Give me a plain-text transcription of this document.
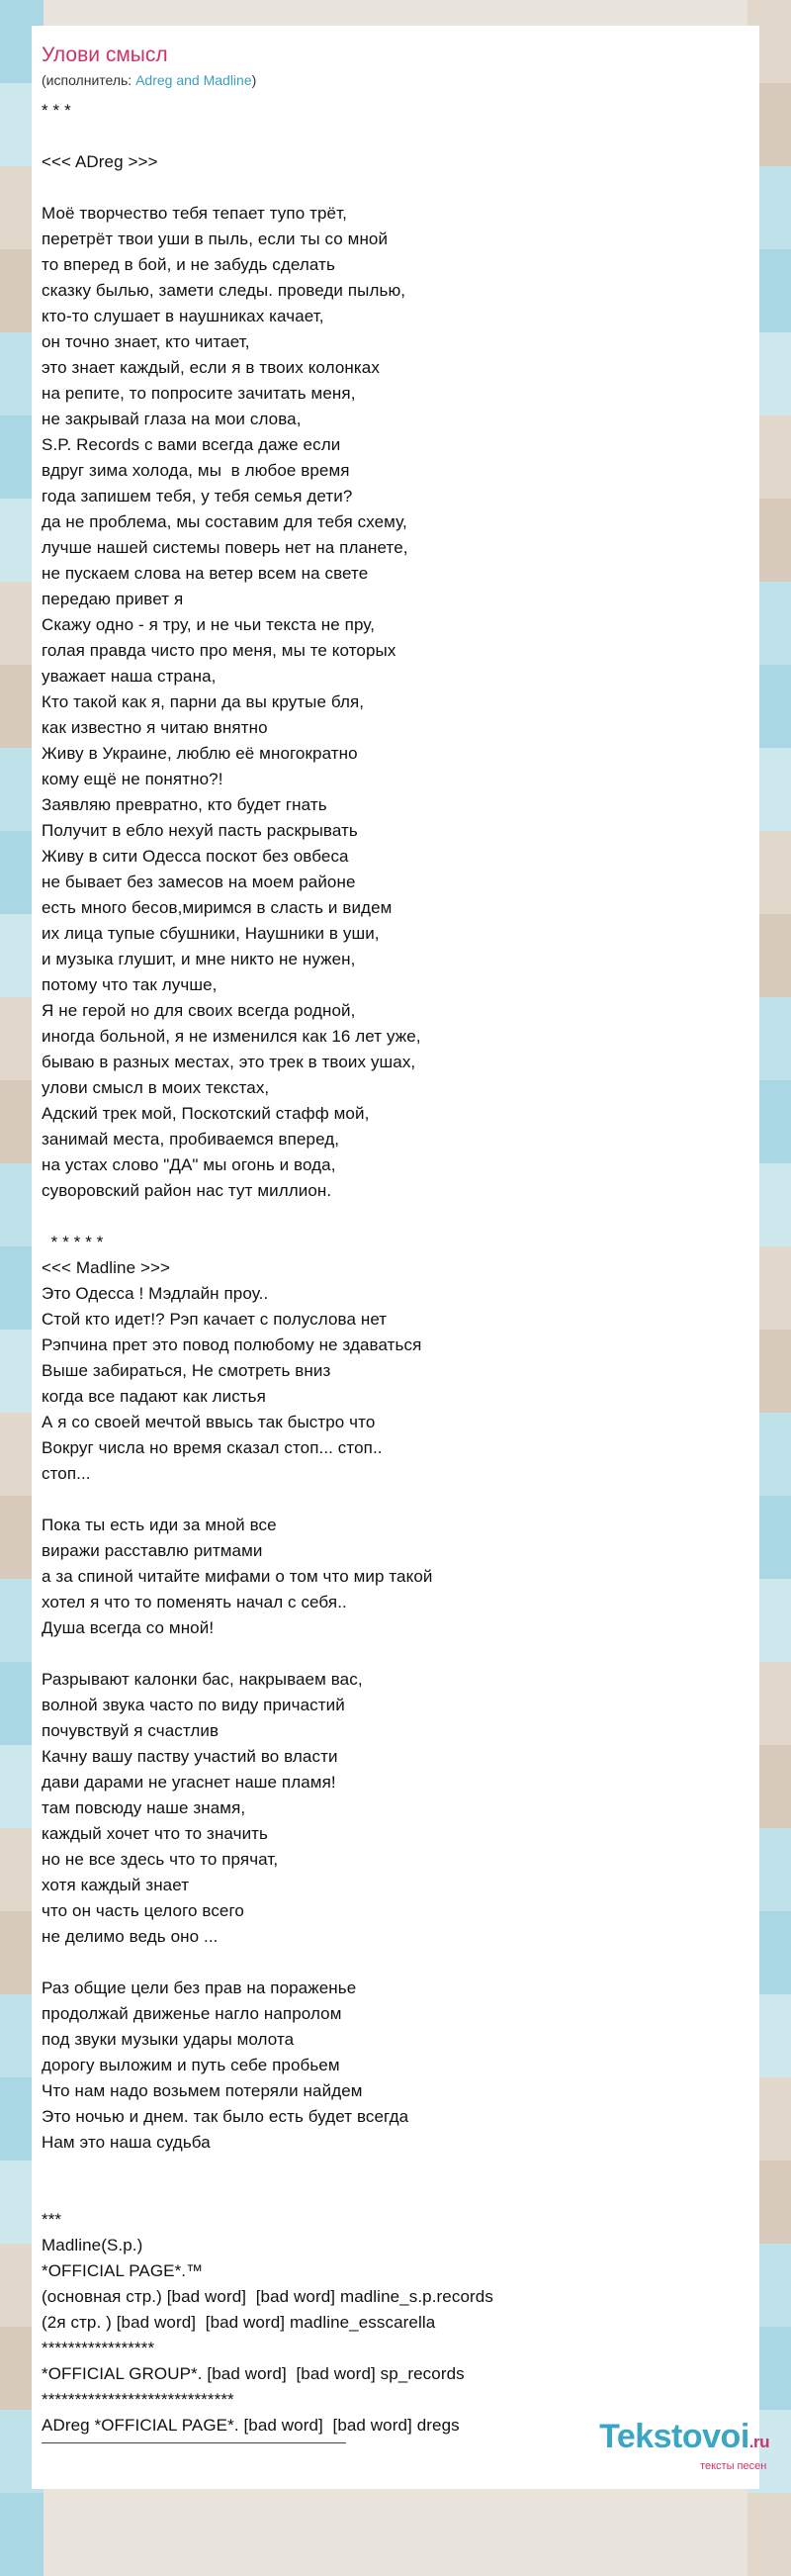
Улови смысл
(исполнитель: Adreg and Madline)
* * *

<<< ADreg >>>

Моё творчество тебя тепает тупо трёт,
перетрёт твои уши в пыль, если ты со мной
то вперед в бой, и не забудь сделать
сказку былью, замети следы. проведи пылью,
кто-то слушает в наушниках качает,
он точно знает, кто читает,
это знает каждый, если я в твоих колонках
на репите, то попросите зачитать меня,
не закрывай глаза на мои слова,
S.P. Records с вами всегда даже если
вдруг зима холода, мы  в любое время
года запишем тебя, у тебя семья дети?
да не проблема, мы составим для тебя схему,
лучше нашей системы поверь нет на планете,
не пускаем слова на ветер всем на свете
передаю привет я
Скажу одно - я тру, и не чьи текста не пру,
голая правда чисто про меня, мы те которых
уважает наша страна,
Кто такой как я, парни да вы крутые бля,
как известно я читаю внятно
Живу в Украине, люблю её многократно
кому ещё не понятно?!
Заявляю превратно, кто будет гнать
Получит в ебло нехуй пасть раскрывать
Живу в сити Одесса поскот без овбеса
не бывает без замесов на моем районе
есть много бесов,миримся в сласть и видем
их лица тупые сбушники, Наушники в уши,
и музыка глушит, и мне никто не нужен,
потому что так лучше,
Я не герой но для своих всегда родной,
иногда больной, я не изменился как 16 лет уже,
бываю в разных местах, это трек в твоих ушах,
улови смысл в моих текстах,
Адский трек мой, Поскотский стафф мой,
занимай места, пробиваемся вперед,
на устах слово "ДА" мы огонь и вода,
суворовский район нас тут миллион.

* * * * *
<<< Madline >>>
Это Одесса ! Мэдлайн проу..
Стой кто идет!? Рэп качает с полуслова нет
Рэпчина прет это повод полюбому не здаваться
Выше забираться, Не смотреть вниз
когда все падают как листья
А я со своей мечтой ввысь так быстро что
Вокруг числа но время сказал стоп... стоп..
стоп...

Пока ты есть иди за мной все
виражи расставлю ритмами
а за спиной читайте мифами о том что мир такой
хотел я что то поменять начал с себя..
Душа всегда со мной!

Разрывают калонки бас, накрываем вас,
волной звука часто по виду причастий
почувствуй я счастлив
Качну вашу паству участий во власти
дави дарами не угаснет наше пламя!
там повсюду наше знамя,
каждый хочет что то значить
но не все здесь что то прячат,
хотя каждый знает
что он часть целого всего
не делимо ведь оно ...

Раз общие цели без прав на пораженье
продолжай движенье нагло напролом
под звуки музыки удары молота
дорогу выложим и путь себе пробьем
Что нам надо возьмем потеряли найдем
Это ночью и днем. так было есть будет всегда
Нам это наша судьба

***
Madline(S.p.)
*OFFICIAL PAGE*.™
(основная стр.) [bad word]  [bad word] madline_s.p.records
(2я стр. ) [bad word]  [bad word] madline_esscarella
*****************
*OFFICIAL GROUP*. [bad word]  [bad word] sp_records
*****************************
ADreg *OFFICIAL PAGE*. [bad word]  [bad word] dregs	Tekstovoi.ru
тексты песен
